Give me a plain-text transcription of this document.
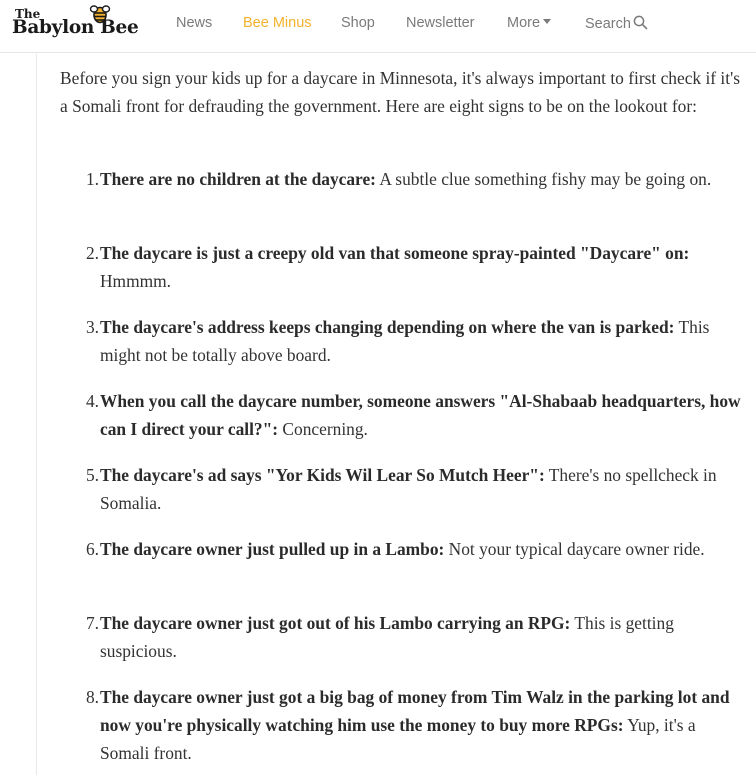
The
Babylon Bee	News Bee Minus Shop Newsletter More	Search

Before you sign your kids up for a daycare in Minnesota, it's always important to first check if it's a Somali front for defrauding the government. Here are eight signs to be on the lookout for:

1. There are no children at the daycare: A subtle clue something fishy may be going on.
2. The daycare is just a creepy old van that someone spray-painted "Daycare" on: Hmmmm.
3. The daycare's address keeps changing depending on where the van is parked: This might not be totally above board.
4. When you call the daycare number, someone answers "Al-Shabaab headquarters, how can I direct your call?": Concerning.
5. The daycare's ad says "Yor Kids Wil Lear So Mutch Heer": There's no spellcheck in Somalia.
6. The daycare owner just pulled up in a Lambo: Not your typical daycare owner ride.
7. The daycare owner just got out of his Lambo carrying an RPG: This is getting suspicious.
8. The daycare owner just got a big bag of money from Tim Walz in the parking lot and now you're physically watching him use the money to buy more RPGs: Yup, it's a Somali front.
